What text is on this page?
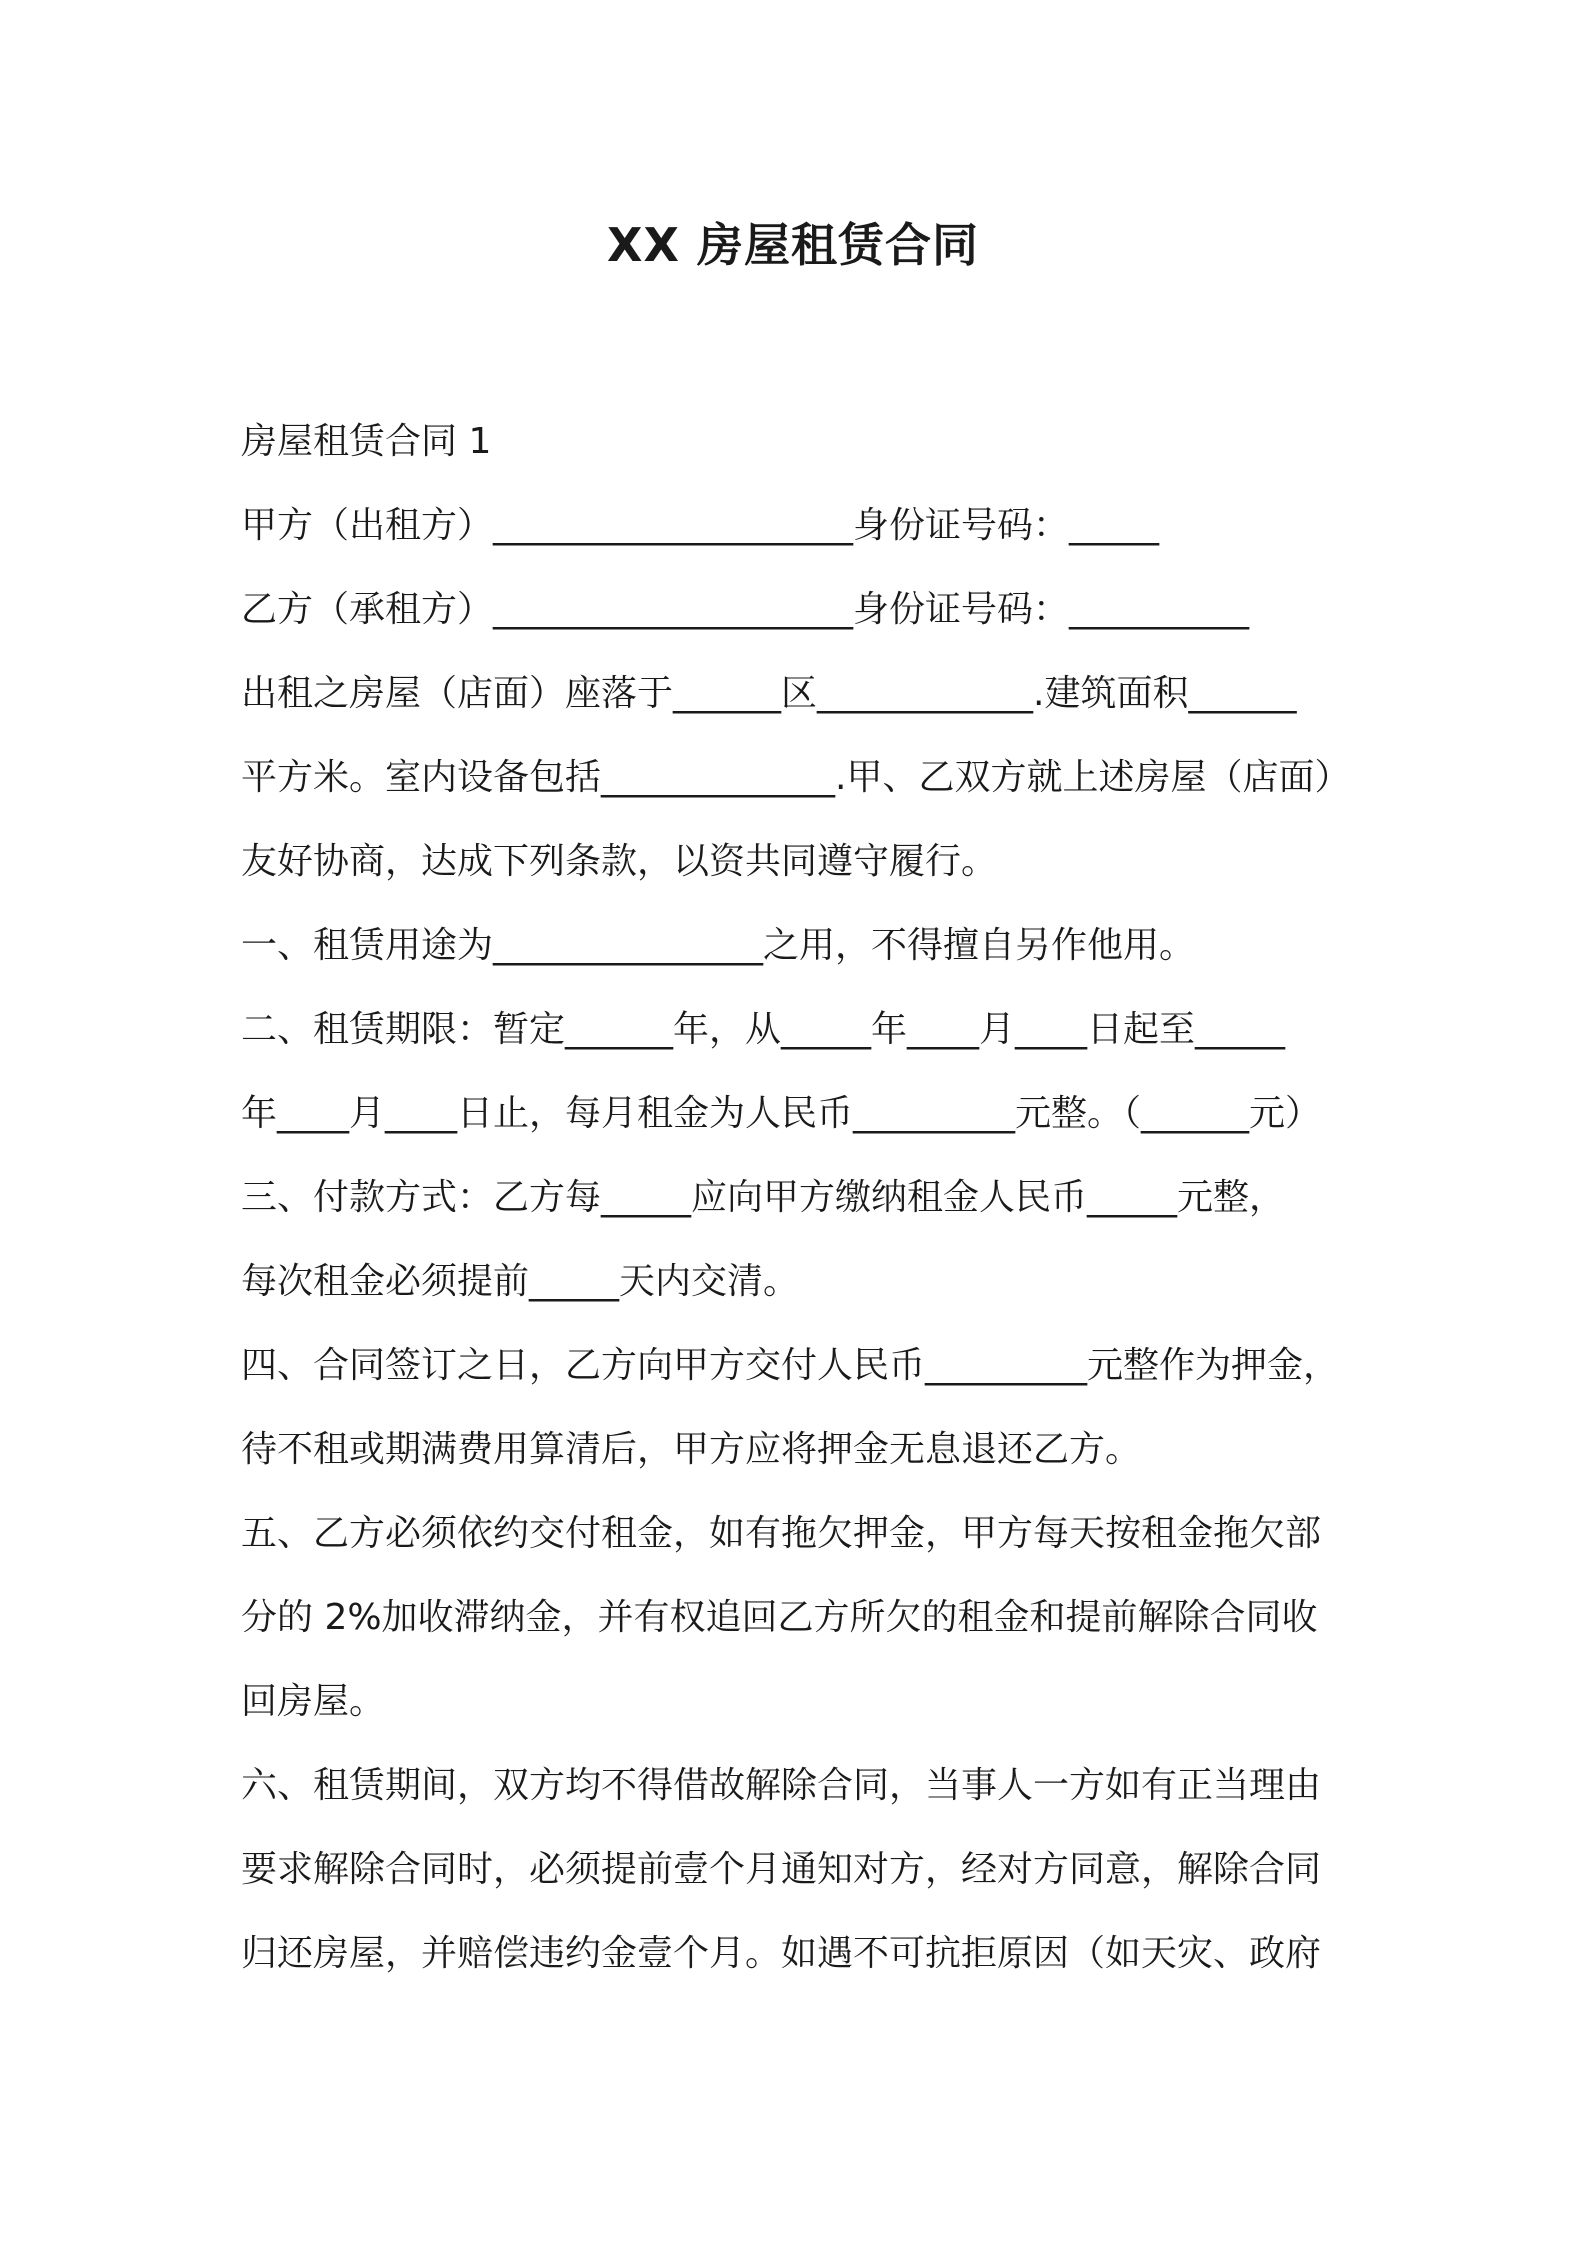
XX 房屋租赁合同
房屋租赁合同 1
甲方（出租方）____________________身份证号码：_____
乙方（承租方）____________________身份证号码：__________
出租之房屋（店面）座落于______区____________.建筑面积______
平方米。室内设备包括_____________.甲、乙双方就上述房屋（店面）
友好协商，达成下列条款，以资共同遵守履行。
一、租赁用途为_______________之用，不得擅自另作他用。
二、租赁期限：暂定______年，从_____年____月____日起至_____
年____月____日止，每月租金为人民币_________元整。（______元）
三、付款方式：乙方每_____应向甲方缴纳租金人民币_____元整，
每次租金必须提前_____天内交清。
四、合同签订之日，乙方向甲方交付人民币_________元整作为押金，
待不租或期满费用算清后，甲方应将押金无息退还乙方。
五、乙方必须依约交付租金，如有拖欠押金，甲方每天按租金拖欠部
分的 2%加收滞纳金，并有权追回乙方所欠的租金和提前解除合同收
回房屋。
六、租赁期间，双方均不得借故解除合同，当事人一方如有正当理由
要求解除合同时，必须提前壹个月通知对方，经对方同意，解除合同
归还房屋，并赔偿违约金壹个月。如遇不可抗拒原因（如天灾、政府
